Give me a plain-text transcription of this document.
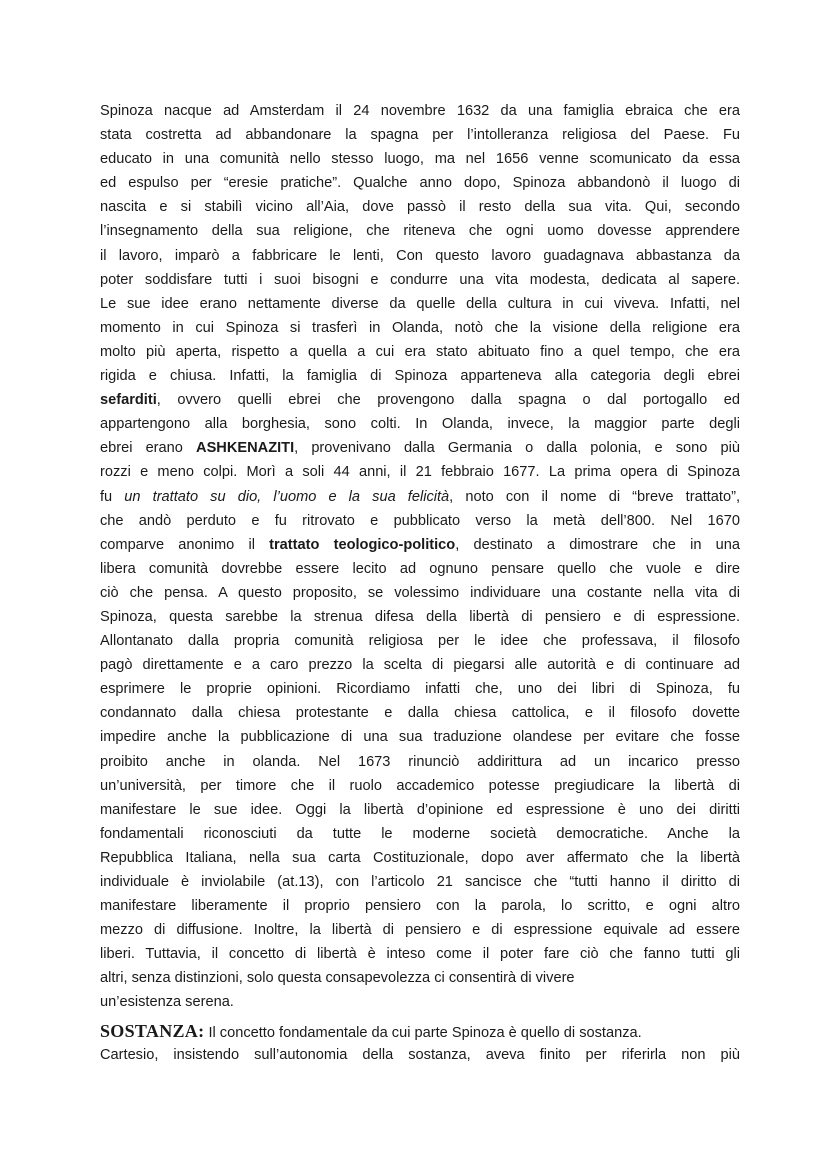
Spinoza nacque ad Amsterdam il 24 novembre 1632 da una famiglia ebraica che era
stata costretta ad abbandonare la spagna per l’intolleranza religiosa del Paese. Fu
educato in una comunità nello stesso luogo, ma nel 1656 venne scomunicato da essa
ed espulso per “eresie pratiche”. Qualche anno dopo, Spinoza abbandonò il luogo di
nascita e si stabilì vicino all’Aia, dove passò il resto della sua vita. Qui, secondo
l’insegnamento della sua religione, che riteneva che ogni uomo dovesse apprendere
il lavoro, imparò a fabbricare le lenti, Con questo lavoro guadagnava abbastanza da
poter soddisfare tutti i suoi bisogni e condurre una vita modesta, dedicata al sapere.
Le sue idee erano nettamente diverse da quelle della cultura in cui viveva. Infatti, nel
momento in cui Spinoza si trasferì in Olanda, notò che la visione della religione era
molto più aperta, rispetto a quella a cui era stato abituato fino a quel tempo, che era
rigida e chiusa. Infatti, la famiglia di Spinoza apparteneva alla categoria degli ebrei
sefarditi, ovvero quelli ebrei che provengono dalla spagna o dal portogallo ed
appartengono alla borghesia, sono colti. In Olanda, invece, la maggior parte degli
ebrei erano ASHKENAZITI, provenivano dalla Germania o dalla polonia, e sono più
rozzi e meno colpi. Morì a soli 44 anni, il 21 febbraio 1677. La prima opera di Spinoza
fu un trattato su dio, l’uomo e la sua felicità, noto con il nome di “breve trattato”,
che andò perduto e fu ritrovato e pubblicato verso la metà dell’800. Nel 1670
comparve anonimo il trattato teologico-politico, destinato a dimostrare che in una
libera comunità dovrebbe essere lecito ad ognuno pensare quello che vuole e dire
ciò che pensa. A questo proposito, se volessimo individuare una costante nella vita di
Spinoza, questa sarebbe la strenua difesa della libertà di pensiero e di espressione.
Allontanato dalla propria comunità religiosa per le idee che professava, il filosofo
pagò direttamente e a caro prezzo la scelta di piegarsi alle autorità e di continuare ad
esprimere le proprie opinioni. Ricordiamo infatti che, uno dei libri di Spinoza, fu
condannato dalla chiesa protestante e dalla chiesa cattolica, e il filosofo dovette
impedire anche la pubblicazione di una sua traduzione olandese per evitare che fosse
proibito anche in olanda. Nel 1673 rinunciò addirittura ad un incarico presso
un’università, per timore che il ruolo accademico potesse pregiudicare la libertà di
manifestare le sue idee. Oggi la libertà d’opinione ed espressione è uno dei diritti
fondamentali riconosciuti da tutte le moderne società democratiche. Anche la
Repubblica Italiana, nella sua carta Costituzionale, dopo aver affermato che la libertà
individuale è inviolabile (at.13), con l’articolo 21 sancisce che “tutti hanno il diritto di
manifestare liberamente il proprio pensiero con la parola, lo scritto, e ogni altro
mezzo di diffusione. Inoltre, la libertà di pensiero e di espressione equivale ad essere
liberi. Tuttavia, il concetto di libertà è inteso come il poter fare ciò che fanno tutti gli
altri, senza distinzioni, solo questa consapevolezza ci consentirà di vivere
un’esistenza serena.
SOSTANZA: Il concetto fondamentale da cui parte Spinoza è quello di sostanza.
Cartesio, insistendo sull’autonomia della sostanza, aveva finito per riferirla non più
